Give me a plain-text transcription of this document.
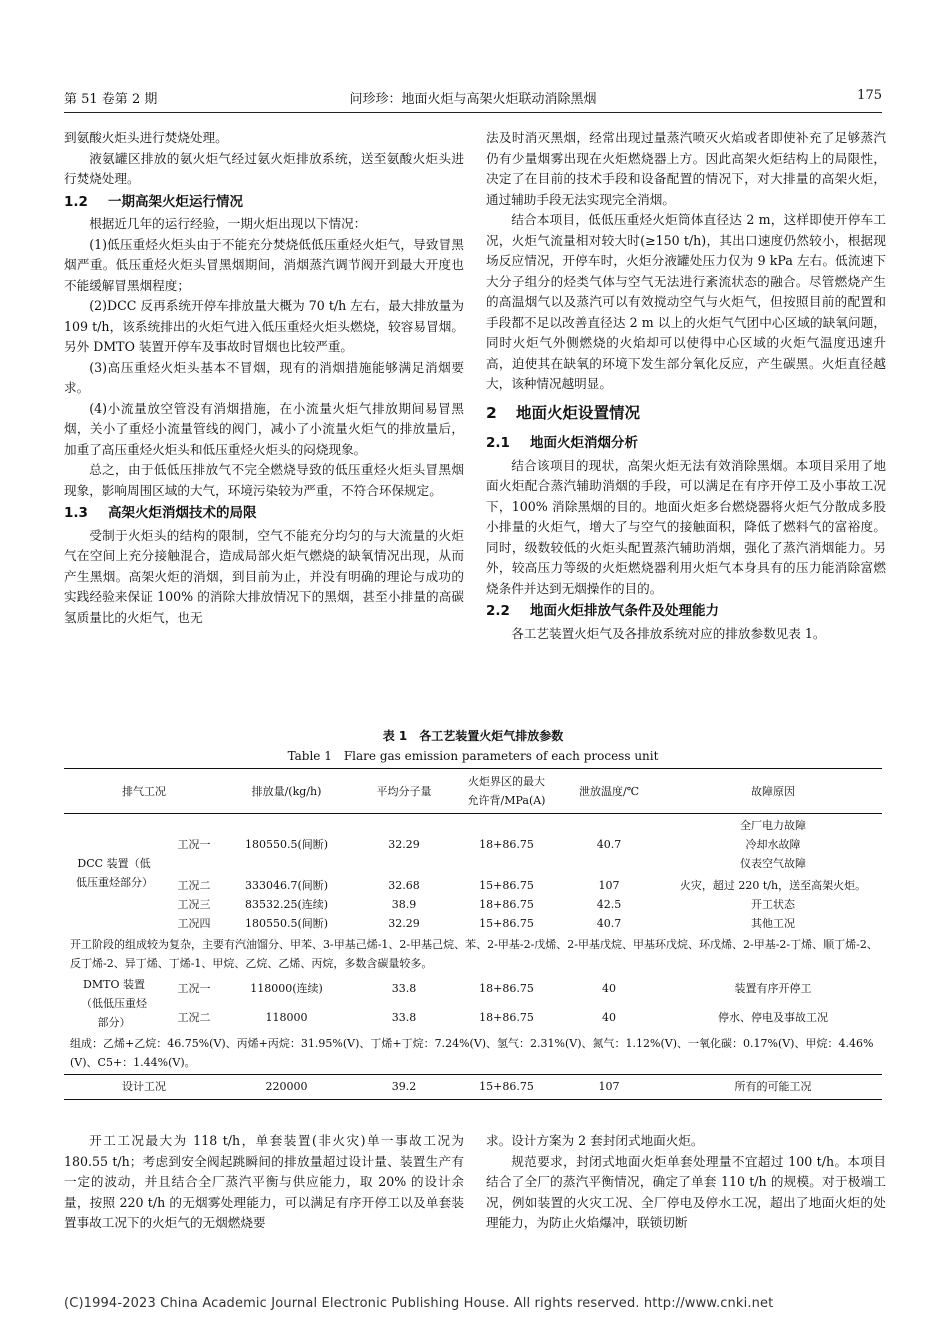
第 51 卷第 2 期	问珍珍：地面火炬与高架火炬联动消除黑烟	175

到氨酸火炬头进行焚烧处理。

液氨罐区排放的氨火炬气经过氨火炬排放系统，送至氨酸火炬头进行焚烧处理。

1.2 一期高架火炬运行情况

根据近几年的运行经验，一期火炬出现以下情况：

(1)低压重烃火炬头由于不能充分焚烧低低压重烃火炬气，导致冒黑烟严重。低压重烃火炬头冒黑烟期间，消烟蒸汽调节阀开到最大开度也不能缓解冒黑烟程度；

(2)DCC 反再系统开停车排放量大概为 70 t/h 左右，最大排放量为 109 t/h，该系统排出的火炬气进入低压重烃火炬头燃烧，较容易冒烟。另外 DMTO 装置开停车及事故时冒烟也比较严重。

(3)高压重烃火炬头基本不冒烟，现有的消烟措施能够满足消烟要求。

(4)小流量放空管没有消烟措施，在小流量火炬气排放期间易冒黑烟，关小了重烃小流量管线的阀门，减小了小流量火炬气的排放量后，加重了高压重烃火炬头和低压重烃火炬头的闷烧现象。

总之，由于低低压排放气不完全燃烧导致的低压重烃火炬头冒黑烟现象，影响周围区域的大气，环境污染较为严重，不符合环保规定。

1.3 高架火炬消烟技术的局限

受制于火炬头的结构的限制，空气不能充分均匀的与大流量的火炬气在空间上充分接触混合，造成局部火炬气燃烧的缺氧情况出现，从而产生黑烟。高架火炬的消烟，到目前为止，并没有明确的理论与成功的实践经验来保证 100% 的消除大排放情况下的黑烟，甚至小排量的高碳氢质量比的火炬气，也无

法及时消灭黑烟，经常出现过量蒸汽喷灭火焰或者即使补充了足够蒸汽仍有少量烟雾出现在火炬燃烧器上方。因此高架火炬结构上的局限性，决定了在目前的技术手段和设备配置的情况下，对大排量的高架火炬，通过辅助手段无法实现完全消烟。

结合本项目，低低压重烃火炬筒体直径达 2 m，这样即使开停车工况，火炬气流量相对较大时(≥150 t/h)，其出口速度仍然较小，根据现场反应情况，开停车时，火炬分液罐处压力仅为 9 kPa 左右。低流速下大分子组分的烃类气体与空气无法进行紊流状态的融合。尽管燃烧产生的高温烟气以及蒸汽可以有效搅动空气与火炬气，但按照目前的配置和手段都不足以改善直径达 2 m 以上的火炬气气团中心区域的缺氧问题，同时火炬气外侧燃烧的火焰却可以使得中心区域的火炬气温度迅速升高，迫使其在缺氧的环境下发生部分氧化反应，产生碳黑。火炬直径越大，该种情况越明显。

2 地面火炬设置情况
2.1 地面火炬消烟分析

结合该项目的现状，高架火炬无法有效消除黑烟。本项目采用了地面火炬配合蒸汽辅助消烟的手段，可以满足在有序开停工及小事故工况下，100% 消除黑烟的目的。地面火炬多台燃烧器将火炬气分散成多股小排量的火炬气，增大了与空气的接触面积，降低了燃料气的富裕度。同时，级数较低的火炬头配置蒸汽辅助消烟，强化了蒸汽消烟能力。另外，较高压力等级的火炬燃烧器利用火炬气本身具有的压力能消除富燃烧条件并达到无烟操作的目的。

2.2 地面火炬排放气条件及处理能力

各工艺装置火炬气及各排放系统对应的排放参数见表 1。

表 1　各工艺装置火炬气排放参数
Table 1　Flare gas emission parameters of each process unit
排气工况		排放量/(kg/h)	平均分子量	火炬界区的最大允许背/MPa(A)	泄放温度/℃	故障原因
DCC 装置（低低压重烃部分）	工况一	180550.5(间断)	32.29	18+86.75	40.7	全厂电力故障
冷却水故障
仪表空气故障
	工况二	333046.7(间断)	32.68	15+86.75	107	火灾，超过 220 t/h，送至高架火炬。
	工况三	83532.25(连续)	38.9	18+86.75	42.5	开工状态
	工况四	180550.5(间断)	32.29	15+86.75	40.7	其他工况
开工阶段的组成较为复杂，主要有汽油馏分、甲苯、3-甲基己烯-1、2-甲基己烷、苯、2-甲基-2-戊烯、2-甲基戊烷、甲基环戊烷、环戊烯、2-甲基-2-丁烯、顺丁烯-2、反丁烯-2、异丁烯、丁烯-1、甲烷、乙烷、乙烯、丙烷，多数含碳量较多。						
DMTO 装置（低低压重烃部分）	工况一	118000(连续)	33.8	18+86.75	40	装置有序开停工
	工况二	118000	33.8	18+86.75	40	停水、停电及事故工况
组成：乙烯+乙烷：46.75%(V)、丙烯+丙烷：31.95%(V)、丁烯+丁烷：7.24%(V)、氢气：2.31%(V)、氮气：1.12%(V)、一氧化碳：0.17%(V)、甲烷：4.46%(V)、C5+：1.44%(V)。						
设计工况		220000	39.2	15+86.75	107	所有的可能工况

开工工况最大为 118 t/h，单套装置(非火灾)单一事故工况为 180.55 t/h；考虑到安全阀起跳瞬间的排放量超过设计量、装置生产有一定的波动，并且结合全厂蒸汽平衡与供应能力，取 20% 的设计余量，按照 220 t/h 的无烟雾处理能力，可以满足有序开停工以及单套装置事故工况下的火炬气的无烟燃烧要

求。设计方案为 2 套封闭式地面火炬。

规范要求，封闭式地面火炬单套处理量不宜超过 100 t/h。本项目结合了全厂的蒸汽平衡情况，确定了单套 110 t/h 的规模。对于极端工况，例如装置的火灾工况、全厂停电及停水工况，超出了地面火炬的处理能力，为防止火焰爆冲，联锁切断

(C)1994-2023 China Academic Journal Electronic Publishing House. All rights reserved. http://www.cnki.net
